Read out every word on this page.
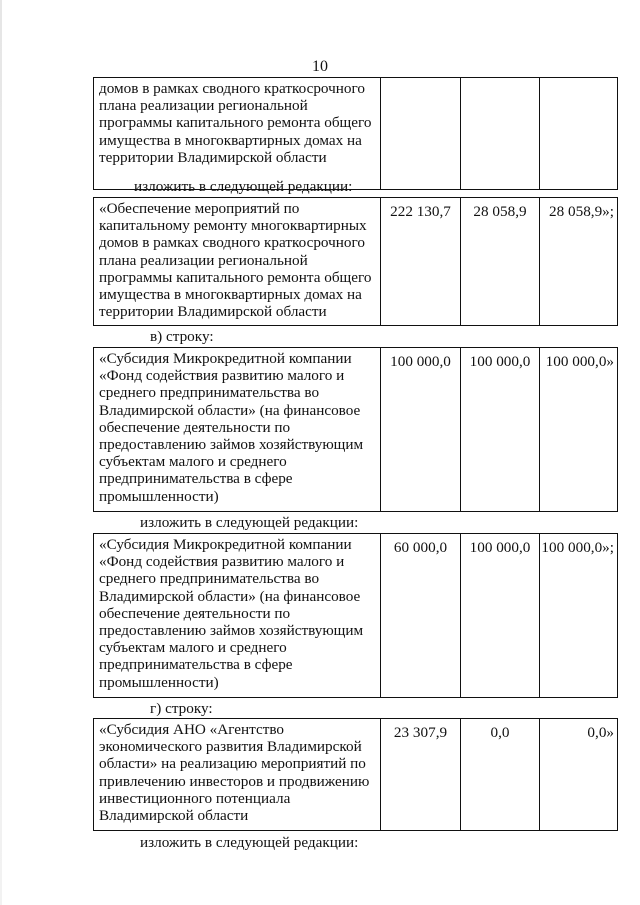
10
домов в рамках сводного краткосрочного
плана реализации региональной
программы капитального ремонта общего
имущества в многоквартирных домах на
территории Владимирской области			
изложить в следующей редакции:
«Обеспечение мероприятий по
капитальному ремонту многоквартирных
домов в рамках сводного краткосрочного
плана реализации региональной
программы капитального ремонта общего
имущества в многоквартирных домах на
территории Владимирской области	222 130,7	28 058,9	28 058,9»;
в) строку:
«Субсидия Микрокредитной компании
«Фонд содействия развитию малого и
среднего предпринимательства во
Владимирской области» (на финансовое
обеспечение деятельности по
предоставлению займов хозяйствующим
субъектам малого и среднего
предпринимательства в сфере
промышленности)	100 000,0	100 000,0	100 000,0»
изложить в следующей редакции:
«Субсидия Микрокредитной компании
«Фонд содействия развитию малого и
среднего предпринимательства во
Владимирской области» (на финансовое
обеспечение деятельности по
предоставлению займов хозяйствующим
субъектам малого и среднего
предпринимательства в сфере
промышленности)	60 000,0	100 000,0	100 000,0»;
г) строку:
«Субсидия АНО «Агентство
экономического развития Владимирской
области» на реализацию мероприятий по
привлечению инвесторов и продвижению
инвестиционного потенциала
Владимирской области	23 307,9	0,0	0,0»
изложить в следующей редакции:
